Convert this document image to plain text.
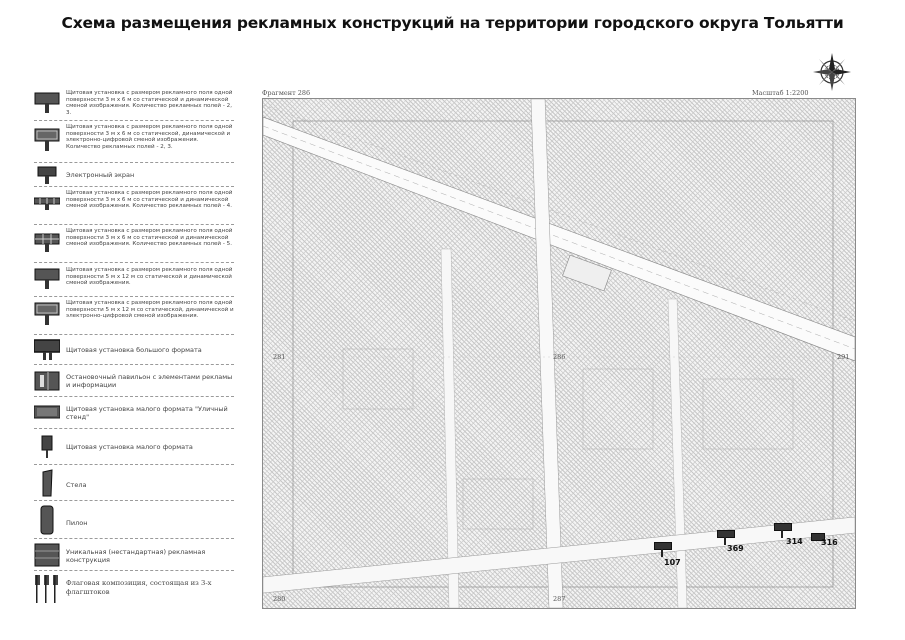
Схема размещения рекламных конструкций на территории городского округа Тольятти
Щитовая установка с размером рекламного поля одной поверхности 3 м х 6 м со статической и динамической сменой изображения. Количество рекламных полей - 2, 3.
Щитовая установка с размером рекламного поля одной поверхности 3 м х 6 м со статической, динамической и электронно-цифровой сменой изображения. Количество рекламных полей - 2, 3.
Электронный экран
Щитовая установка с размером рекламного поля одной поверхности 3 м х 6 м со статической и динамической сменой изображения. Количество рекламных полей - 4.
Щитовая установка с размером рекламного поля одной поверхности 3 м х 6 м со статической и динамической сменой изображения. Количество рекламных полей - 5.
Щитовая установка с размером рекламного поля одной поверхности 5 м х 12 м со статической и динамической сменой изображения.
Щитовая установка с размером рекламного поля одной поверхности 5 м х 12 м со статической, динамической и электронно-цифровой сменой изображения.
Щитовая установка большого формата
Остановочный павильон с элементами рекламы и информации
Щитовая установка малого формата "Уличный стенд"
Щитовая установка малого формата
Стела
Пилон
Уникальная (нестандартная) рекламная конструкция
Флаговая композиция, состоящая из 3-х флагштоков
Фрагмент 286	Масштаб 1:2200
281	286	291
280	287
107
369
314 316
